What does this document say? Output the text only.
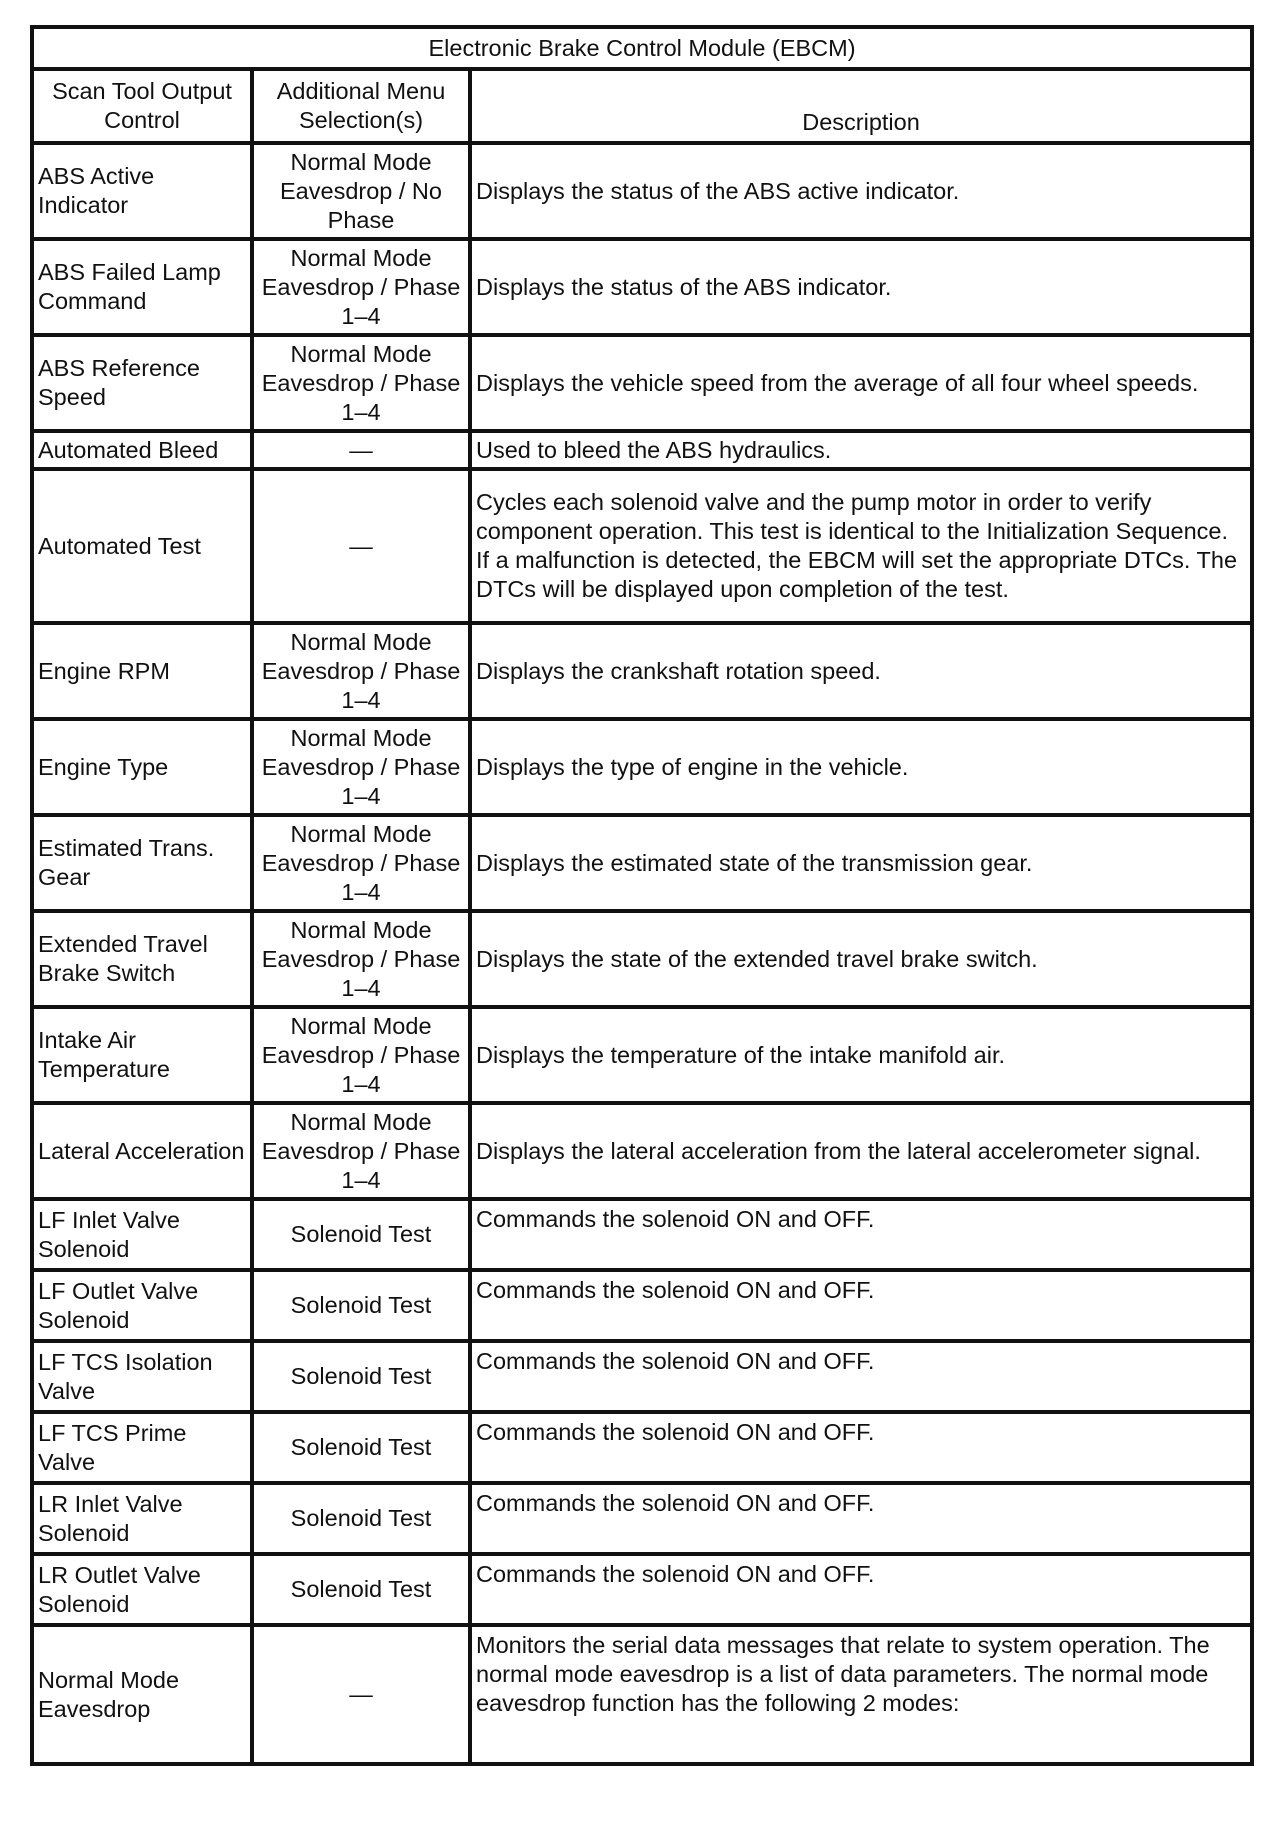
Electronic Brake Control Module (EBCM)		
Scan Tool Output Control	Additional Menu Selection(s)	Description
ABS Active Indicator	Normal Mode Eavesdrop / No Phase	Displays the status of the ABS active indicator.
ABS Failed Lamp Command	Normal Mode Eavesdrop / Phase 1–4	Displays the status of the ABS indicator.
ABS Reference Speed	Normal Mode Eavesdrop / Phase 1–4	Displays the vehicle speed from the average of all four wheel speeds.
Automated Bleed	—	Used to bleed the ABS hydraulics.
Automated Test	—	Cycles each solenoid valve and the pump motor in order to verify component operation. This test is identical to the Initialization Sequence. If a malfunction is detected, the EBCM will set the appropriate DTCs. The DTCs will be displayed upon completion of the test.
Engine RPM	Normal Mode Eavesdrop / Phase 1–4	Displays the crankshaft rotation speed.
Engine Type	Normal Mode Eavesdrop / Phase 1–4	Displays the type of engine in the vehicle.
Estimated Trans. Gear	Normal Mode Eavesdrop / Phase 1–4	Displays the estimated state of the transmission gear.
Extended Travel Brake Switch	Normal Mode Eavesdrop / Phase 1–4	Displays the state of the extended travel brake switch.
Intake Air Temperature	Normal Mode Eavesdrop / Phase 1–4	Displays the temperature of the intake manifold air.
Lateral Acceleration	Normal Mode Eavesdrop / Phase 1–4	Displays the lateral acceleration from the lateral accelerometer signal.
LF Inlet Valve Solenoid	Solenoid Test	Commands the solenoid ON and OFF.
LF Outlet Valve Solenoid	Solenoid Test	Commands the solenoid ON and OFF.
LF TCS Isolation Valve	Solenoid Test	Commands the solenoid ON and OFF.
LF TCS Prime Valve	Solenoid Test	Commands the solenoid ON and OFF.
LR Inlet Valve Solenoid	Solenoid Test	Commands the solenoid ON and OFF.
LR Outlet Valve Solenoid	Solenoid Test	Commands the solenoid ON and OFF.
Normal Mode Eavesdrop	—	Monitors the serial data messages that relate to system operation. The normal mode eavesdrop is a list of data parameters. The normal mode eavesdrop function has the following 2 modes:
